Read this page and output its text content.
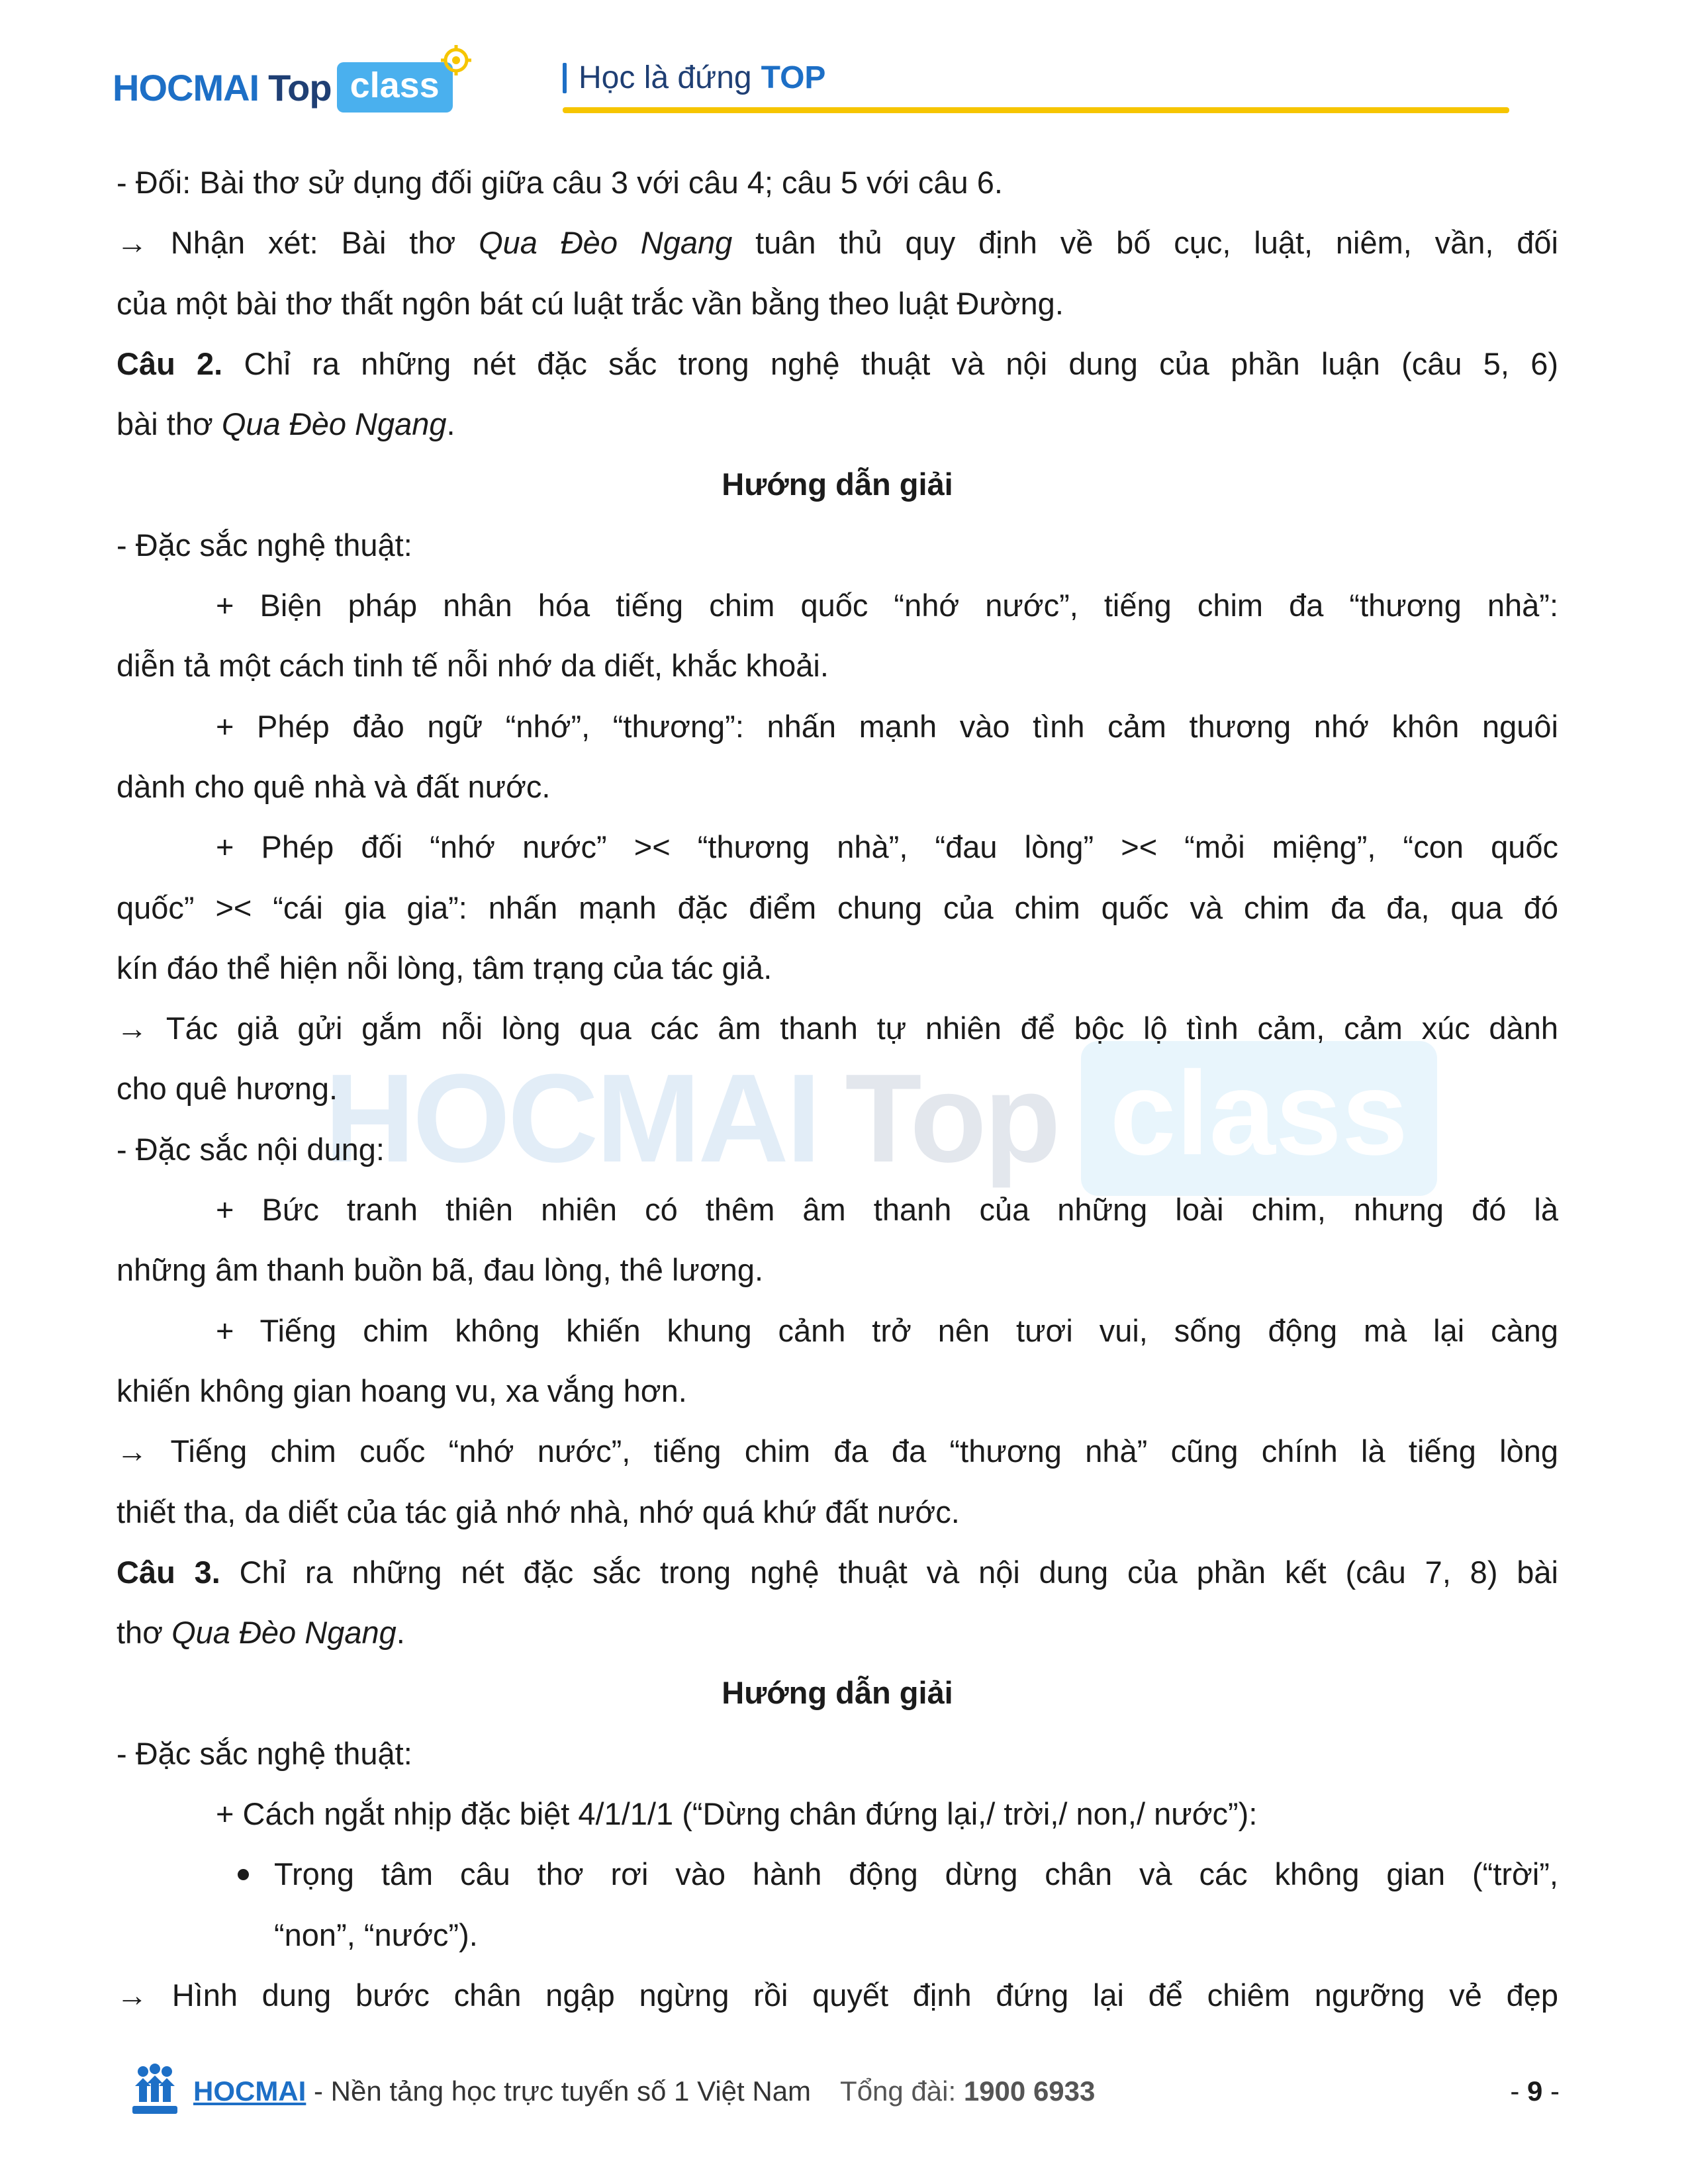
HOCMAI Top class	Học là đứng TOP
HOCMAI Top class
- Đối: Bài thơ sử dụng đối giữa câu 3 với câu 4; câu 5 với câu 6.
→ Nhận xét: Bài thơ Qua Đèo Ngang tuân thủ quy định về bố cục, luật, niêm, vần, đối
của một bài thơ thất ngôn bát cú luật trắc vần bằng theo luật Đường.
Câu 2. Chỉ ra những nét đặc sắc trong nghệ thuật và nội dung của phần luận (câu 5, 6)
bài thơ Qua Đèo Ngang.
Hướng dẫn giải
- Đặc sắc nghệ thuật:
+ Biện pháp nhân hóa tiếng chim quốc “nhớ nước”, tiếng chim đa “thương nhà”:
diễn tả một cách tinh tế nỗi nhớ da diết, khắc khoải.
+ Phép đảo ngữ “nhớ”, “thương”: nhấn mạnh vào tình cảm thương nhớ khôn nguôi
dành cho quê nhà và đất nước.
+ Phép đối “nhớ nước” >< “thương nhà”, “đau lòng” >< “mỏi miệng”, “con quốc
quốc” >< “cái gia gia”: nhấn mạnh đặc điểm chung của chim quốc và chim đa đa, qua đó
kín đáo thể hiện nỗi lòng, tâm trạng của tác giả.
→ Tác giả gửi gắm nỗi lòng qua các âm thanh tự nhiên để bộc lộ tình cảm, cảm xúc dành
cho quê hương.
- Đặc sắc nội dung:
+ Bức tranh thiên nhiên có thêm âm thanh của những loài chim, nhưng đó là
những âm thanh buồn bã, đau lòng, thê lương.
+ Tiếng chim không khiến khung cảnh trở nên tươi vui, sống động mà lại càng
khiến không gian hoang vu, xa vắng hơn.
→ Tiếng chim cuốc “nhớ nước”, tiếng chim đa đa “thương nhà” cũng chính là tiếng lòng
thiết tha, da diết của tác giả nhớ nhà, nhớ quá khứ đất nước.
Câu 3. Chỉ ra những nét đặc sắc trong nghệ thuật và nội dung của phần kết (câu 7, 8) bài
thơ Qua Đèo Ngang.
Hướng dẫn giải
- Đặc sắc nghệ thuật:
+ Cách ngắt nhịp đặc biệt 4/1/1/1 (“Dừng chân đứng lại,/ trời,/ non,/ nước”):
Trọng tâm câu thơ rơi vào hành động dừng chân và các không gian (“trời”,
“non”, “nước”).
→ Hình dung bước chân ngập ngừng rồi quyết định đứng lại để chiêm ngưỡng vẻ đẹp
HOCMAI - Nền tảng học trực tuyến số 1 Việt Nam Tổng đài: 1900 6933	- 9 -
